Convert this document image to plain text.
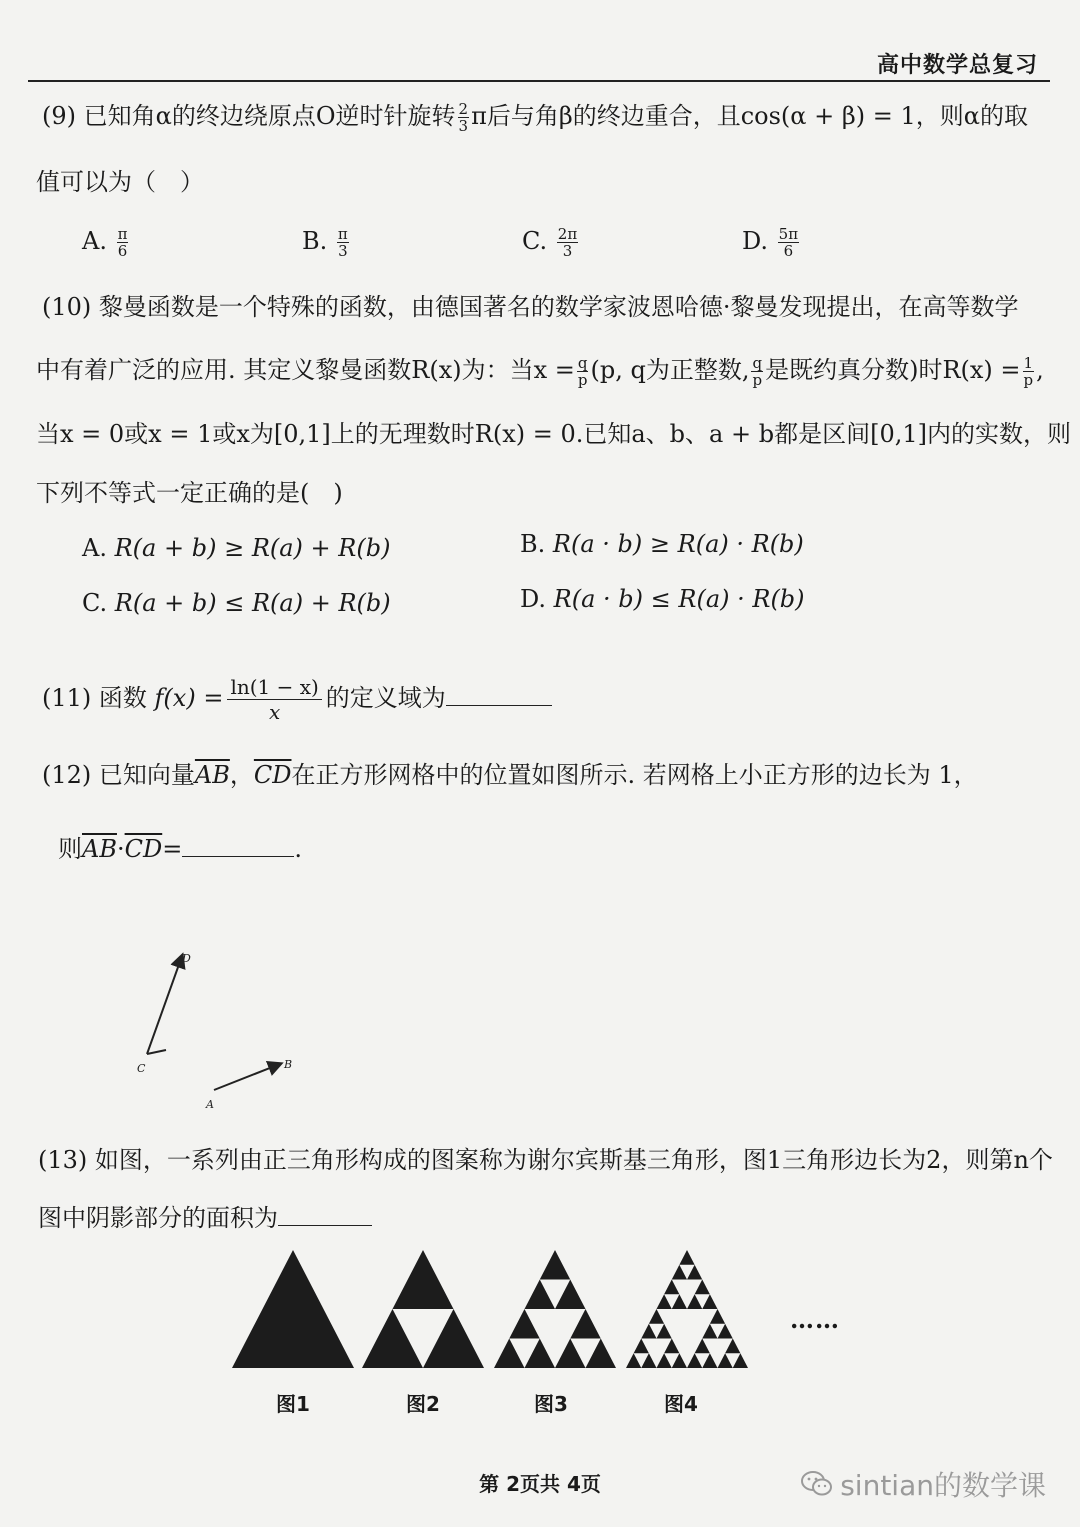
高中数学总复习
(9) 已知角α的终边绕原点O逆时针旋转 $\frac{2}{3}$ π后与角β的终边重合，且cos(α + β) = 1，则α的取
值可以为（　）
A. $\frac{\pi}{6}$	B. $\frac{\pi}{3}$	C. $\frac{2\pi}{3}$	D. $\frac{5\pi}{6}$
(10) 黎曼函数是一个特殊的函数，由德国著名的数学家波恩哈德·黎曼发现提出，在高等数学
中有着广泛的应用. 其定义黎曼函数R(x)为：当$x = \frac{q}{p} (p$, q为正整数, $\frac{q}{p}$ 是既约真分数)时$R(x) = \frac{1}{p}$ ,
当x = 0或x = 1或x为[0,1]上的无理数时R(x) = 0.已知a、b、a + b都是区间[0,1]内的实数，则
下列不等式一定正确的是(　)
A. R(a + b) ≥ R(a) + R(b)	B. R(a · b) ≥ R(a) · R(b)
C. R(a + b) ≤ R(a) + R(b)	D. R(a · b) ≤ R(a) · R(b)
(11) 函数 $f(x) = \frac{\ln(1 - x)}{x}$ 的定义域为
(12) 已知向量$\overline{AB}$，$\overline{CD}$在正方形网格中的位置如图所示. 若网格上小正方形的边长为 1，
则$\overline{AB}\cdot\overline{CD}=$	.
D
C
A
B
(13) 如图，一系列由正三角形构成的图案称为谢尔宾斯基三角形，图1三角形边长为2，则第n个
图中阴影部分的面积为
……
图1	图2	图3	图4
第 2页共 4页	sintian的数学课
